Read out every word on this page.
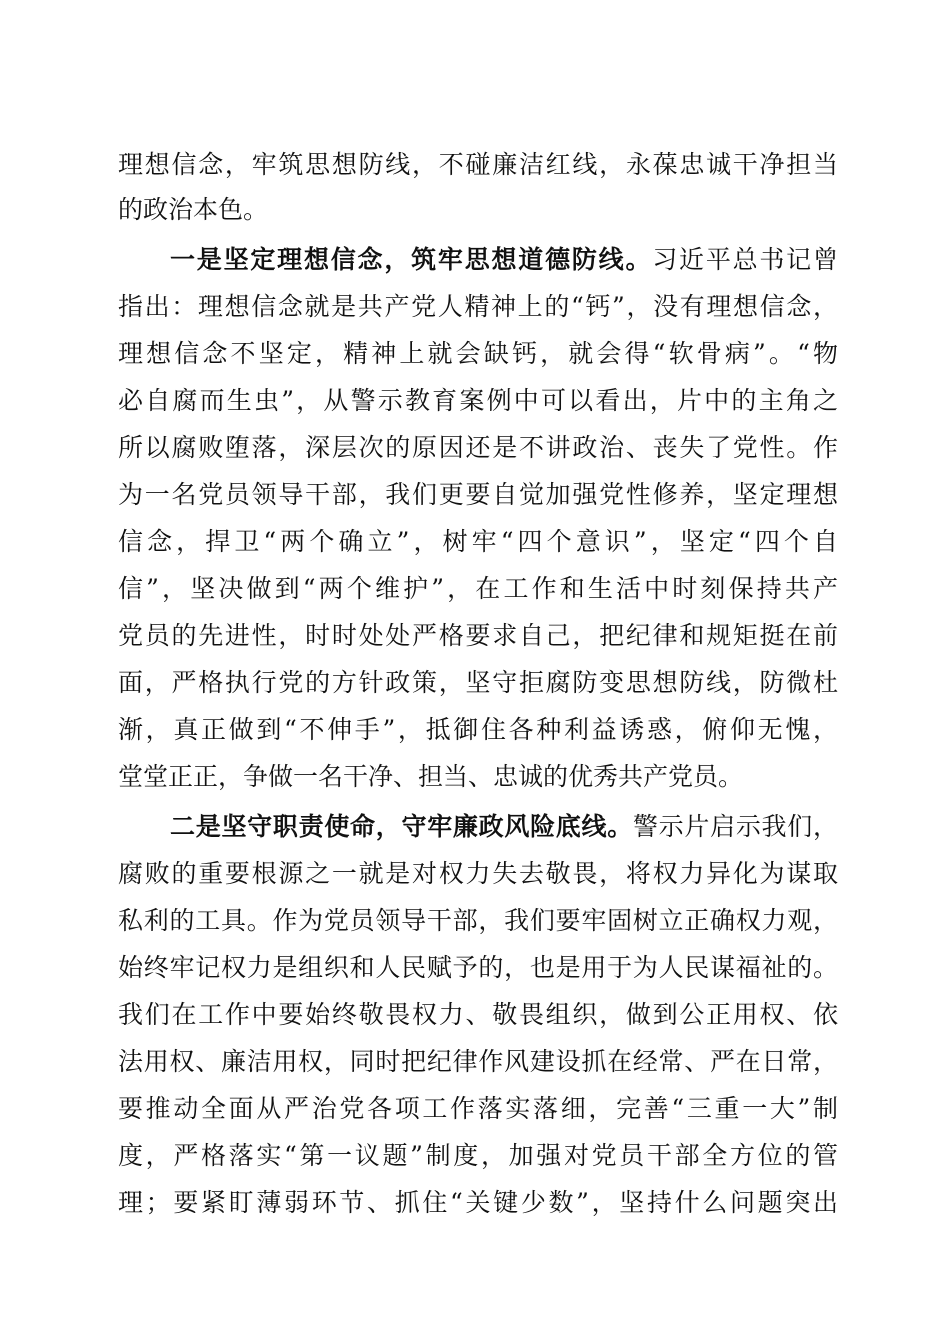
理想信念，牢筑思想防线，不碰廉洁红线，永葆忠诚干净担当
的政治本色。
一是坚定理想信念，筑牢思想道德防线。习近平总书记曾
指出：理想信念就是共产党人精神上的“钙”，没有理想信念，
理想信念不坚定，精神上就会缺钙，就会得“软骨病”。“物
必自腐而生虫”，从警示教育案例中可以看出，片中的主角之
所以腐败堕落，深层次的原因还是不讲政治、丧失了党性。作
为一名党员领导干部，我们更要自觉加强党性修养，坚定理想
信念，捍卫“两个确立”，树牢“四个意识”，坚定“四个自
信”，坚决做到“两个维护”，在工作和生活中时刻保持共产
党员的先进性，时时处处严格要求自己，把纪律和规矩挺在前
面，严格执行党的方针政策，坚守拒腐防变思想防线，防微杜
渐，真正做到“不伸手”，抵御住各种利益诱惑，俯仰无愧，
堂堂正正，争做一名干净、担当、忠诚的优秀共产党员。
二是坚守职责使命，守牢廉政风险底线。警示片启示我们，
腐败的重要根源之一就是对权力失去敬畏，将权力异化为谋取
私利的工具。作为党员领导干部，我们要牢固树立正确权力观，
始终牢记权力是组织和人民赋予的，也是用于为人民谋福祉的。
我们在工作中要始终敬畏权力、敬畏组织，做到公正用权、依
法用权、廉洁用权，同时把纪律作风建设抓在经常、严在日常，
要推动全面从严治党各项工作落实落细，完善“三重一大”制
度，严格落实“第一议题”制度，加强对党员干部全方位的管
理；要紧盯薄弱环节、抓住“关键少数”，坚持什么问题突出
